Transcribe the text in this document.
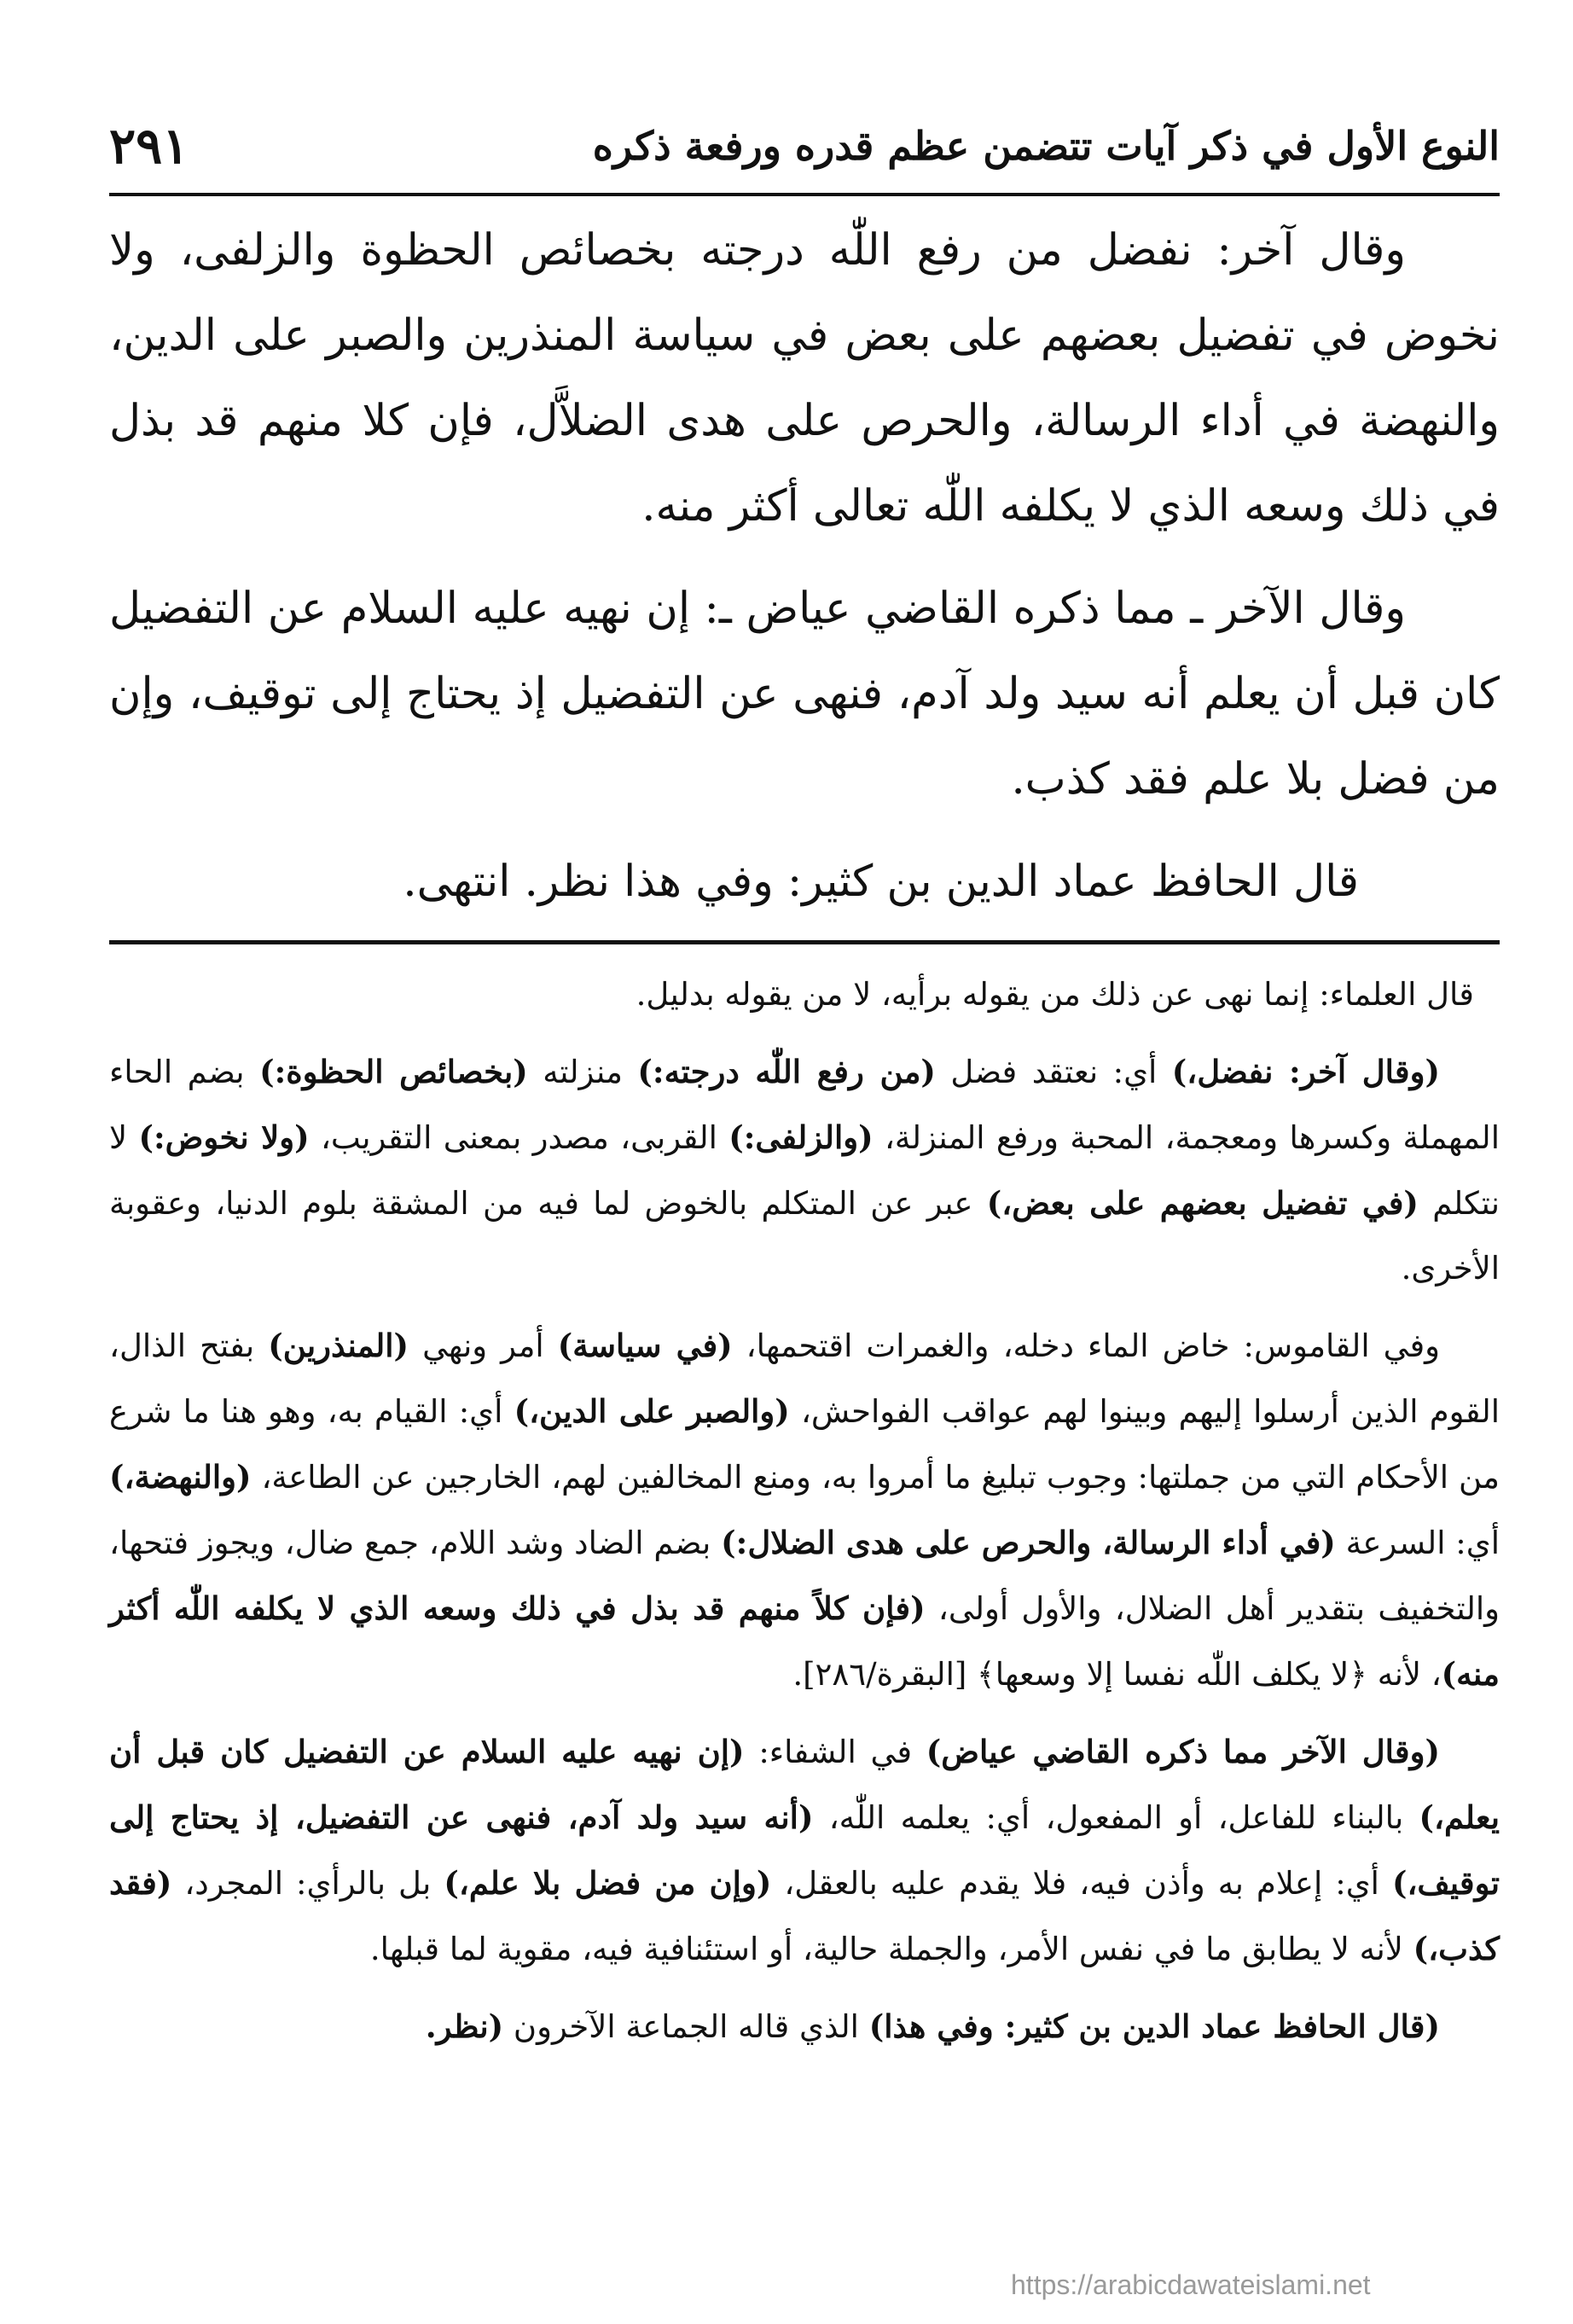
النوع الأول في ذكر آيات تتضمن عظم قدره ورفعة ذكره
٢٩١

وقال آخر: نفضل من رفع اللّٰه درجته بخصائص الحظوة والزلفى، ولا نخوض في تفضيل بعضهم على بعض في سياسة المنذرين والصبر على الدين، والنهضة في أداء الرسالة، والحرص على هدى الضلاَّل، فإن كلا منهم قد بذل في ذلك وسعه الذي لا يكلفه اللّٰه تعالى أكثر منه.

وقال الآخر ـ مما ذكره القاضي عياض ـ: إن نهيه عليه السلام عن التفضيل كان قبل أن يعلم أنه سيد ولد آدم، فنهى عن التفضيل إذ يحتاج إلى توقيف، وإن من فضل بلا علم فقد كذب.

قال الحافظ عماد الدين بن كثير: وفي هذا نظر. انتهى.

قال العلماء: إنما نهى عن ذلك من يقوله برأيه، لا من يقوله بدليل.

(وقال آخر: نفضل،) أي: نعتقد فضل (من رفع اللّٰه درجته:) منزلته (بخصائص الحظوة:) بضم الحاء المهملة وكسرها ومعجمة، المحبة ورفع المنزلة، (والزلفى:) القربى، مصدر بمعنى التقريب، (ولا نخوض:) لا نتكلم (في تفضيل بعضهم على بعض،) عبر عن المتكلم بالخوض لما فيه من المشقة بلوم الدنيا، وعقوبة الأخرى.

وفي القاموس: خاض الماء دخله، والغمرات اقتحمها، (في سياسة) أمر ونهي (المنذرين) بفتح الذال، القوم الذين أرسلوا إليهم وبينوا لهم عواقب الفواحش، (والصبر على الدين،) أي: القيام به، وهو هنا ما شرع من الأحكام التي من جملتها: وجوب تبليغ ما أمروا به، ومنع المخالفين لهم، الخارجين عن الطاعة، (والنهضة،) أي: السرعة (في أداء الرسالة، والحرص على هدى الضلال:) بضم الضاد وشد اللام، جمع ضال، ويجوز فتحها، والتخفيف بتقدير أهل الضلال، والأول أولى، (فإن كلاً منهم قد بذل في ذلك وسعه الذي لا يكلفه اللّٰه أكثر منه)، لأنه ﴿لا يكلف اللّٰه نفسا إلا وسعها﴾ [البقرة/٢٨٦].

(وقال الآخر مما ذكره القاضي عياض) في الشفاء: (إن نهيه عليه السلام عن التفضيل كان قبل أن يعلم،) بالبناء للفاعل، أو المفعول، أي: يعلمه اللّٰه، (أنه سيد ولد آدم، فنهى عن التفضيل، إذ يحتاج إلى توقيف،) أي: إعلام به وأذن فيه، فلا يقدم عليه بالعقل، (وإن من فضل بلا علم،) بل بالرأي: المجرد، (فقد كذب،) لأنه لا يطابق ما في نفس الأمر، والجملة حالية، أو استئنافية فيه، مقوية لما قبلها.

(قال الحافظ عماد الدين بن كثير: وفي هذا) الذي قاله الجماعة الآخرون (نظر.

https://arabicdawateislami.net
